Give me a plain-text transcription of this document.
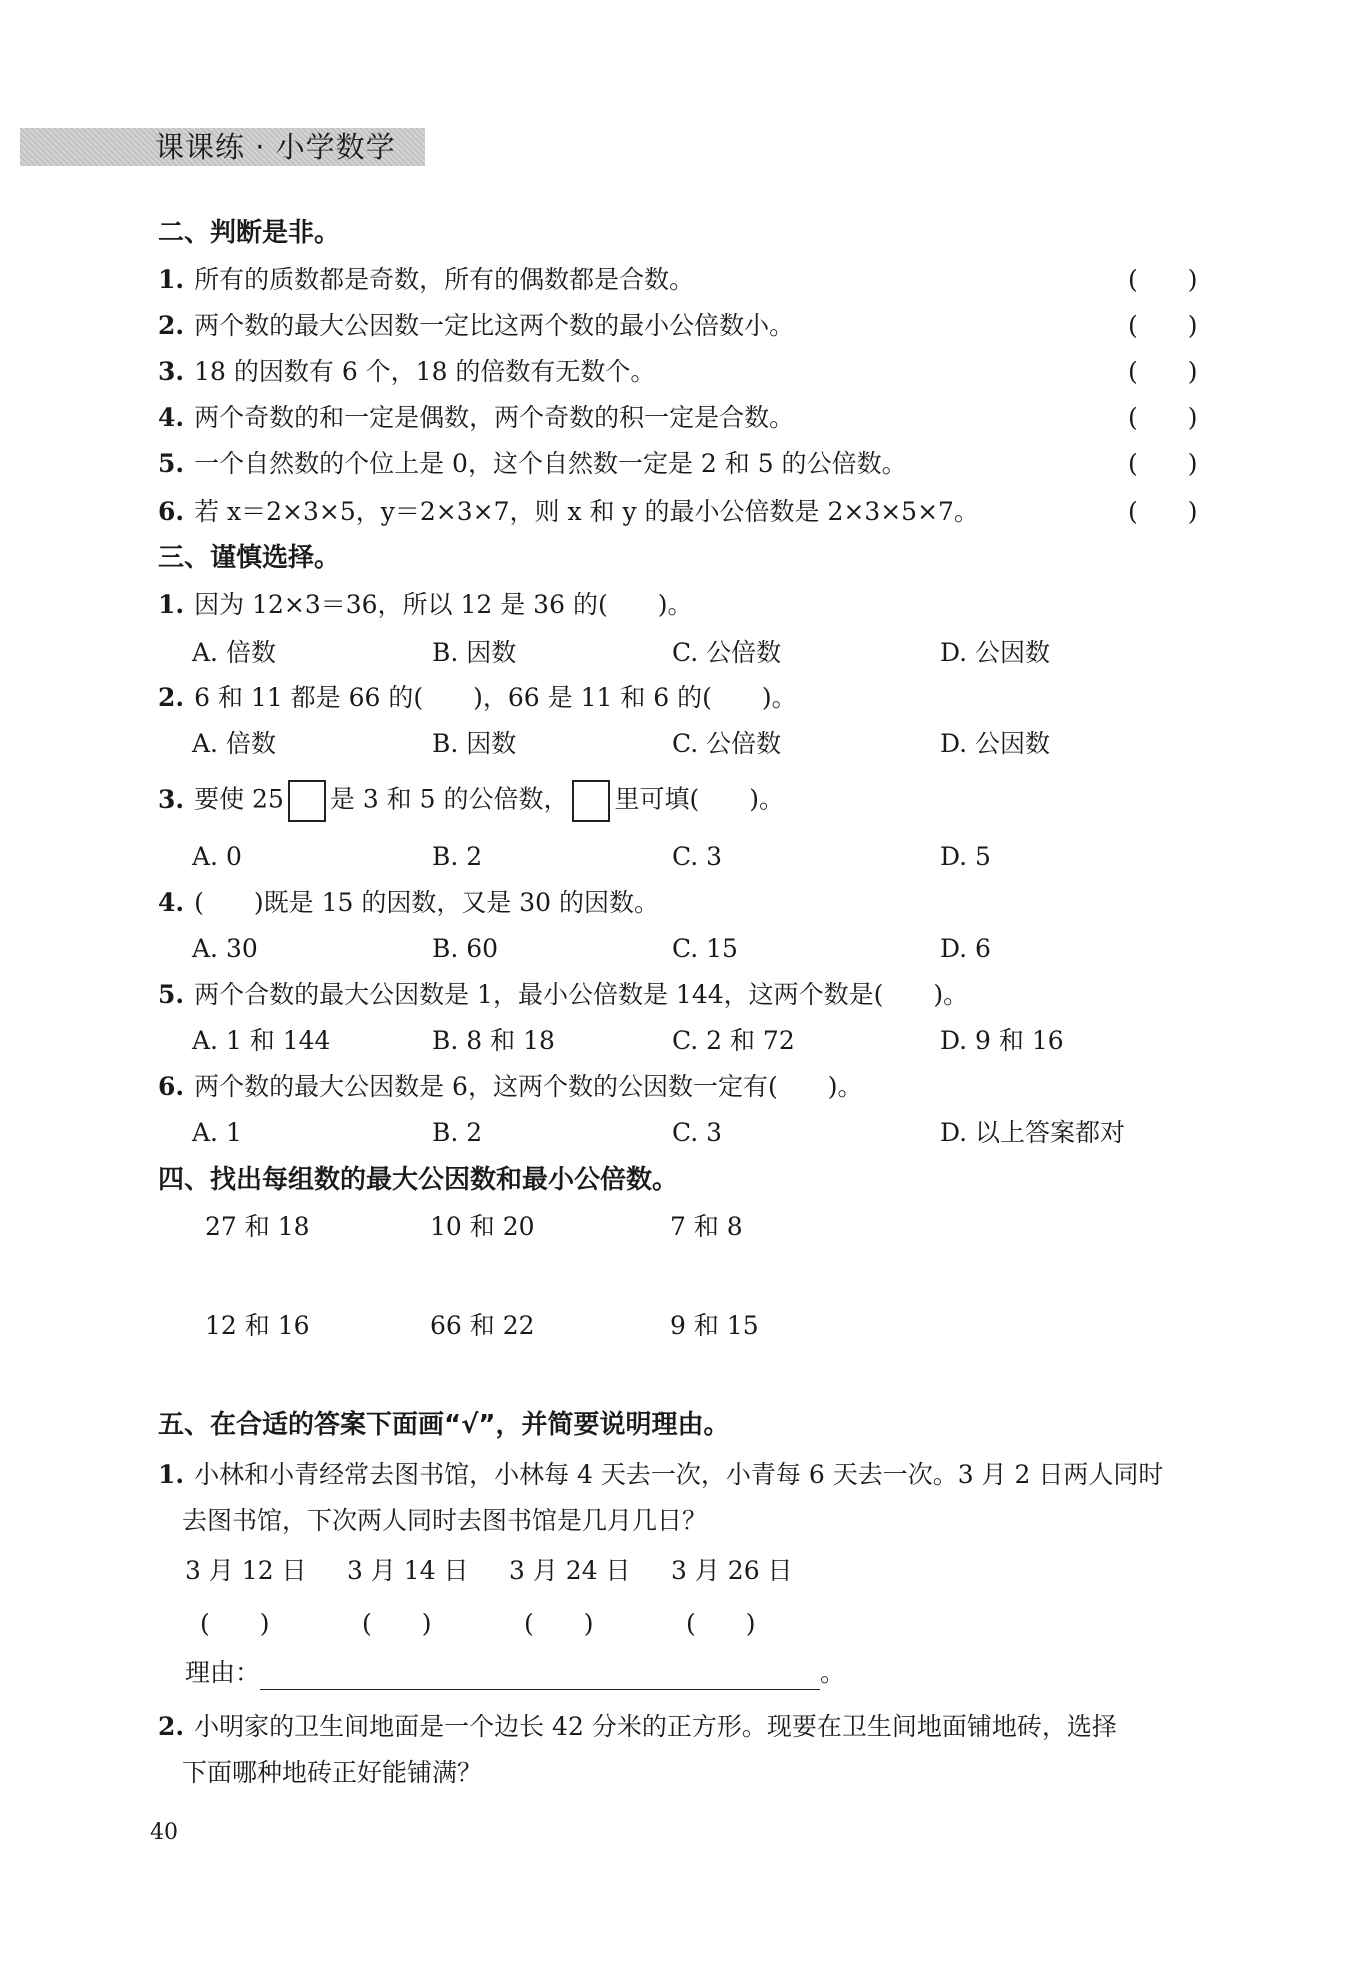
课课练 · 小学数学
二、判断是非。
1. 所有的质数都是奇数，所有的偶数都是合数。	(　　)
2. 两个数的最大公因数一定比这两个数的最小公倍数小。	(　　)
3. 18 的因数有 6 个，18 的倍数有无数个。	(　　)
4. 两个奇数的和一定是偶数，两个奇数的积一定是合数。	(　　)
5. 一个自然数的个位上是 0，这个自然数一定是 2 和 5 的公倍数。	(　　)
6. 若 x＝2×3×5，y＝2×3×7，则 x 和 y 的最小公倍数是 2×3×5×7。	(　　)
三、谨慎选择。
1. 因为 12×3＝36，所以 12 是 36 的(　　)。
A. 倍数	B. 因数	C. 公倍数	D. 公因数
2. 6 和 11 都是 66 的(　　)，66 是 11 和 6 的(　　)。
A. 倍数	B. 因数	C. 公倍数	D. 公因数
3. 要使 25 是 3 和 5 的公倍数， 里可填(　　)。
A. 0	B. 2	C. 3	D. 5
4. (　　)既是 15 的因数，又是 30 的因数。
A. 30	B. 60	C. 15	D. 6
5. 两个合数的最大公因数是 1，最小公倍数是 144，这两个数是(　　)。
A. 1 和 144	B. 8 和 18	C. 2 和 72	D. 9 和 16
6. 两个数的最大公因数是 6，这两个数的公因数一定有(　　)。
A. 1	B. 2	C. 3	D. 以上答案都对
四、找出每组数的最大公因数和最小公倍数。
27 和 18	10 和 20	7 和 8
12 和 16	66 和 22	9 和 15
五、在合适的答案下面画“√”，并简要说明理由。
1. 小林和小青经常去图书馆，小林每 4 天去一次，小青每 6 天去一次。3 月 2 日两人同时
去图书馆，下次两人同时去图书馆是几月几日？
3 月 12 日 3 月 14 日 3 月 24 日 3 月 26 日
(　　)	(　　)	(　　)	(　　)
理由：	。
2. 小明家的卫生间地面是一个边长 42 分米的正方形。现要在卫生间地面铺地砖，选择
下面哪种地砖正好能铺满？
40
